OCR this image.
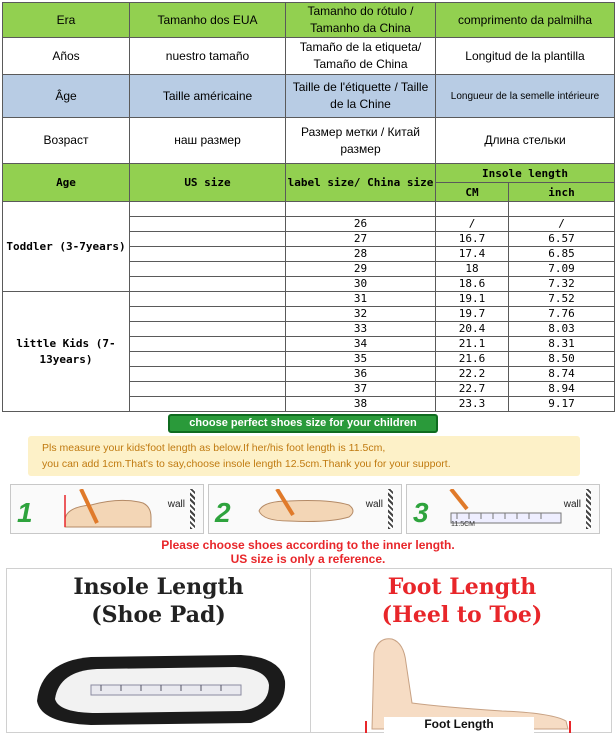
Era	Tamanho dos EUA	Tamanho do rótulo / Tamanho da China	comprimento da palmilha	
Años	nuestro tamaño	Tamaño de la etiqueta/ Tamaño de China	Longitud de la plantilla	
Âge	Taille américaine	Taille de l'étiquette / Taille de la Chine	Longueur de la semelle intérieure	
Возраст	наш размер	Размер метки / Китай размер	Длина стельки	
Age	US size	label size/ China size	Insole length	
			CM	inch
Toddler (3-7years)				
		26	/	/
		27	16.7	6.57
		28	17.4	6.85
		29	18	7.09
		30	18.6	7.32
little Kids (7-13years)		31	19.1	7.52
		32	19.7	7.76
		33	20.4	8.03
		34	21.1	8.31
		35	21.6	8.50
		36	22.2	8.74
		37	22.7	8.94
		38	23.3	9.17
choose perfect shoes size for your children
Pls measure your kids'foot length as below.If her/his foot length is 11.5cm,
you can add 1cm.That's to say,choose insole length 12.5cm.Thank you for your support.
1	wall 2	wall 3	11.5CM
wall
Please choose shoes according to the inner length.
US size is only a reference.
Insole Length
(Shoe Pad)
Foot Length
(Heel to Toe)
Foot Length
